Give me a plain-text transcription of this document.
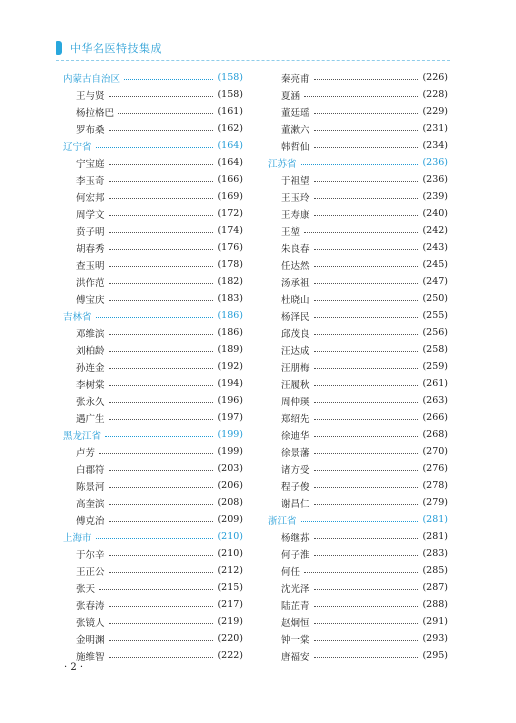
中华名医特技集成
内蒙古自治区	(158)
王与贤	(158)
杨拉格巴	(161)
罗布桑	(162)
辽宁省	(164)
宁宝庭	(164)
李玉奇	(166)
何宏邦	(169)
周学文	(172)
贲子明	(174)
胡春秀	(176)
查玉明	(178)
洪作范	(182)
傅宝庆	(183)
吉林省	(186)
邓维滨	(186)
刘柏龄	(189)
孙连金	(192)
李树棠	(194)
张永久	(196)
遇广生	(197)
黑龙江省	(199)
卢芳	(199)
白郡符	(203)
陈景河	(206)
高奎滨	(208)
傅克治	(209)
上海市	(210)
于尔辛	(210)
王正公	(212)
张天	(215)
张春涛	(217)
张镜人	(219)
金明渊	(220)
施维智	(222)
秦亮甫	(226)
夏涵	(228)
董廷瑶	(229)
董漱六	(231)
韩哲仙	(234)
江苏省	(236)
于祖望	(236)
王玉玲	(239)
王寿康	(240)
王堃	(242)
朱良春	(243)
任达然	(245)
汤承祖	(247)
杜晓山	(250)
杨泽民	(255)
邱茂良	(256)
汪达成	(258)
汪朋梅	(259)
汪履秋	(261)
周仲瑛	(263)
郑绍先	(266)
徐迪华	(268)
徐景藩	(270)
诸方受	(276)
程子俊	(278)
谢昌仁	(279)
浙江省	(281)
杨继荪	(281)
何子淮	(283)
何任	(285)
沈光泽	(287)
陆芷青	(288)
赵炯恒	(291)
钟一棠	(293)
唐福安	(295)
· 2 ·
